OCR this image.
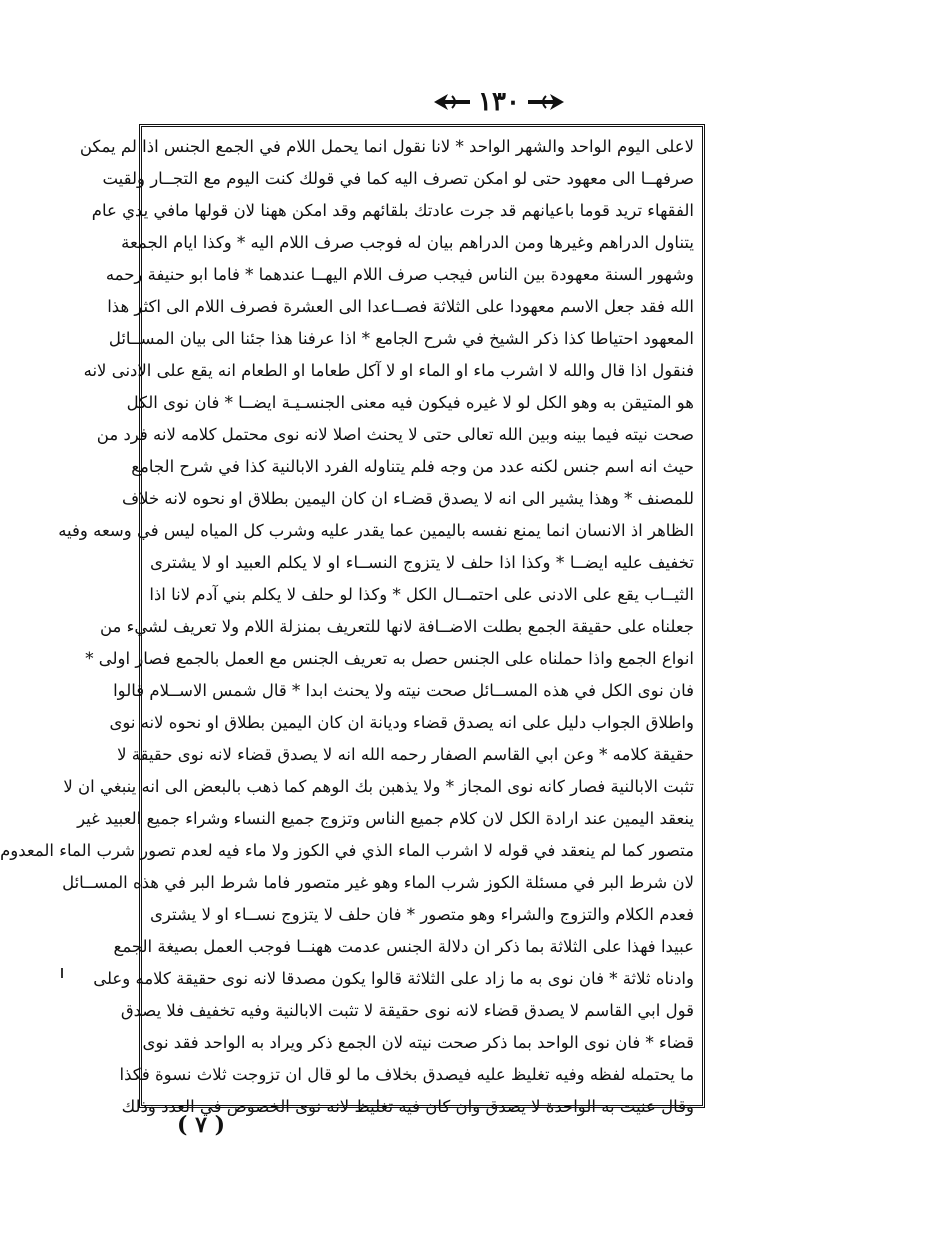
١٣٠
لاعلى اليوم الواحد والشهر الواحد * لانا نقول انما يحمل اللام في الجمع الجنس اذا لم يمكن
صرفهــا الى معهود حتى لو امكن تصرف اليه كما في قولك كنت اليوم مع التجــار ولقيت
الفقهاء تريد قوما باعيانهم قد جرت عادتك بلقائهم وقد امكن ههنا لان قولها مافي يدي عام
يتناول الدراهم وغيرها ومن الدراهم بيان له فوجب صرف اللام اليه * وكذا ايام الجمعة
وشهور السنة معهودة بين الناس فيجب صرف اللام اليهــا عندهما * فاما ابو حنيفة رحمه
الله فقد جعل الاسم معهودا على الثلاثة فصــاعدا الى العشرة فصرف اللام الى اكثر هذا
المعهود احتياطا كذا ذكر الشيخ في شرح الجامع * اذا عرفنا هذا جئنا الى بيان المســائل
فنقول اذا قال والله لا اشرب ماء او الماء او لا آكل طعاما او الطعام انه يقع على الادنى لانه
هو المتيقن به وهو الكل لو لا غيره فيكون فيه معنى الجنسـيـة ايضــا * فان نوى الكل
صحت نيته فيما بينه وبين الله تعالى حتى لا يحنث اصلا لانه نوى محتمل كلامه لانه فرد من
حيث انه اسم جنس لكنه عدد من وجه فلم يتناوله الفرد الابالنية كذا في شرح الجامع
للمصنف * وهذا يشير الى انه لا يصدق قضـاء ان كان اليمين بطلاق او نحوه لانه خلاف
الظاهر اذ الانسان انما يمنع نفسه باليمين عما يقدر عليه وشرب كل المياه ليس في وسعه وفيه
تخفيف عليه ايضــا * وكذا اذا حلف لا يتزوج النســاء او لا يكلم العبيد او لا يشترى
الثيــاب يقع على الادنى على احتمــال الكل * وكذا لو حلف لا يكلم بني آدم لانا اذا
جعلناه على حقيقة الجمع بطلت الاضــافة لانها للتعريف بمنزلة اللام ولا تعريف لشيء من
انواع الجمع واذا حملناه على الجنس حصل به تعريف الجنس مع العمل بالجمع فصار اولى *
فان نوى الكل في هذه المســائل صحت نيته ولا يحنث ابدا * قال شمس الاســلام قالوا
واطلاق الجواب دليل على انه يصدق قضاء وديانة ان كان اليمين بطلاق او نحوه لانه نوى
حقيقة كلامه * وعن ابي القاسم الصفار رحمه الله انه لا يصدق قضاء لانه نوى حقيقة لا
تثبت الابالنية فصار كانه نوى المجاز * ولا يذهبن بك الوهم كما ذهب بالبعض الى انه ينبغي ان لا
ينعقد اليمين عند ارادة الكل لان كلام جميع الناس وتزوج جميع النساء وشراء جميع العبيد غير
متصور كما لم ينعقد في قوله لا اشرب الماء الذي في الكوز ولا ماء فيه لعدم تصور شرب الماء المعدوم
لان شرط البر في مسئلة الكوز شرب الماء وهو غير متصور فاما شرط البر في هذه المســائل
فعدم الكلام والتزوج والشراء وهو متصور * فان حلف لا يتزوج نســاء او لا يشترى
عبيدا فهذا على الثلاثة بما ذكر ان دلالة الجنس عدمت ههنــا فوجب العمل بصيغة الجمع
وادناه ثلاثة * فان نوى به ما زاد على الثلاثة قالوا يكون مصدقا لانه نوى حقيقة كلامه وعلى
قول ابي القاسم لا يصدق قضاء لانه نوى حقيقة لا تثبت الابالنية وفيه تخفيف فلا يصدق
قضاء * فان نوى الواحد بما ذكر صحت نيته لان الجمع ذكر ويراد به الواحد فقد نوى
ما يحتمله لفظه وفيه تغليظ عليه فيصدق بخلاف ما لو قال ان تزوجت ثلاث نسوة فكذا
وقال عنيت به الواحدة لا يصدق وان كان فيه تغليظ لانه نوى الخصوص في العدد وذلك
( ٧ )
